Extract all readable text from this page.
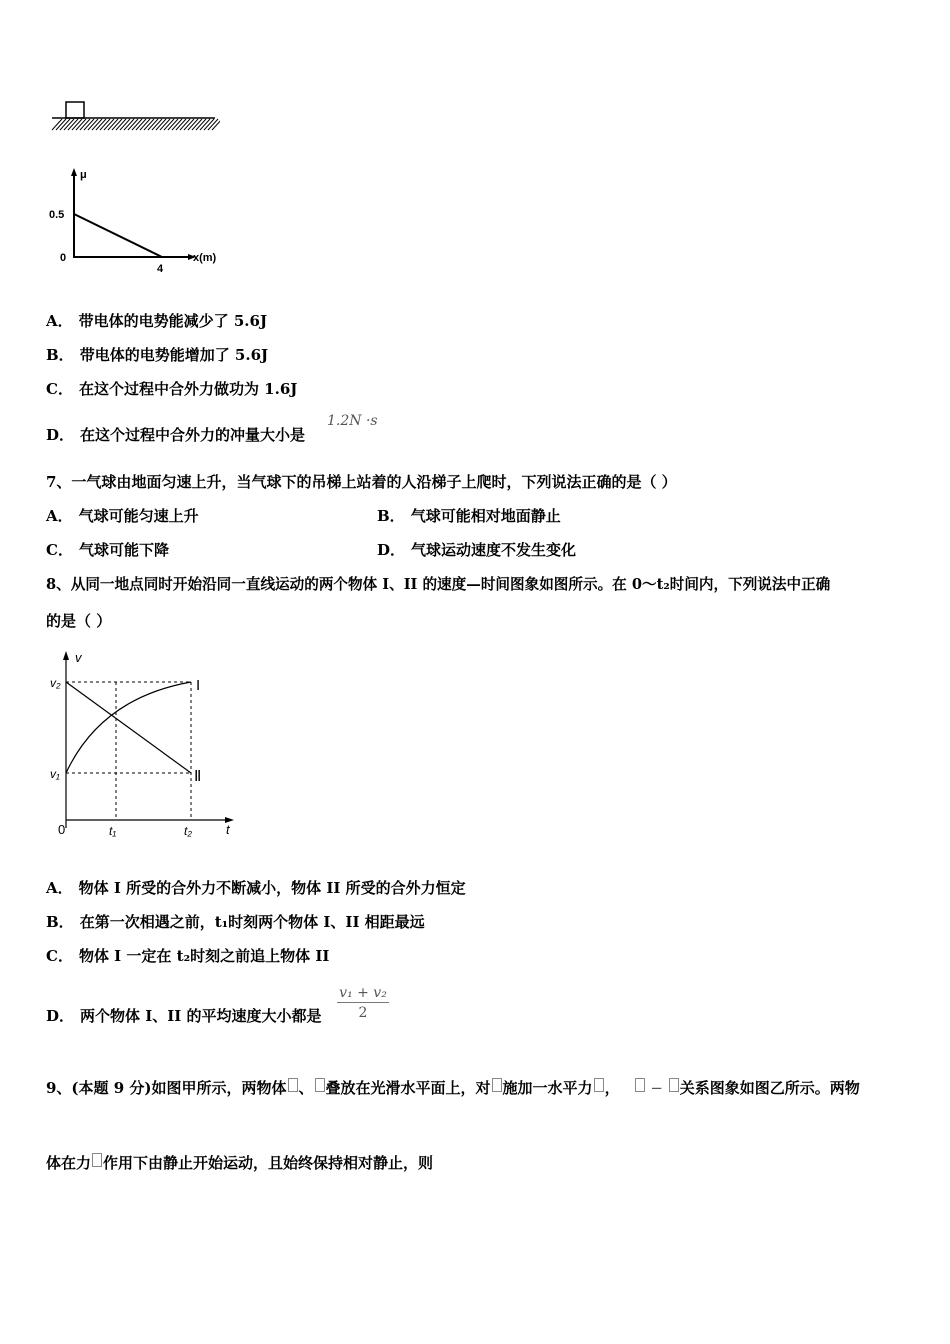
μ
0.5
0
4
x(m)
A． 带电体的电势能减少了 5.6J
B． 带电体的电势能增加了 5.6J
C． 在这个过程中合外力做功为 1.6J
D． 在这个过程中合外力的冲量大小是
1.2N ·s
7、一气球由地面匀速上升，当气球下的吊梯上站着的人沿梯子上爬时，下列说法正确的是（ ）
A． 气球可能匀速上升	B． 气球可能相对地面静止
C． 气球可能下降	D． 气球运动速度不发生变化
8、从同一地点同时开始沿同一直线运动的两个物体 I、II 的速度—时间图象如图所示。在 0～t₂时间内，下列说法中正确
的是（ ）
v
v₂
v₁
0	t₁	t₂	t
I
Ⅱ
A． 物体 I 所受的合外力不断减小，物体 II 所受的合外力恒定
B． 在第一次相遇之前，t₁时刻两个物体 I、II 相距最远
C． 物体 I 一定在 t₂时刻之前追上物体 II
D． 两个物体 I、II 的平均速度大小都是 $\frac{\text{v₁ + v₂}}{2}$
9、(本题 9 分)如图甲所示，两物体 、 叠放在光滑水平面上，对 施加一水平力 ， − 关系图象如图乙所示。两物
体在力 作用下由静止开始运动，且始终保持相对静止，则
